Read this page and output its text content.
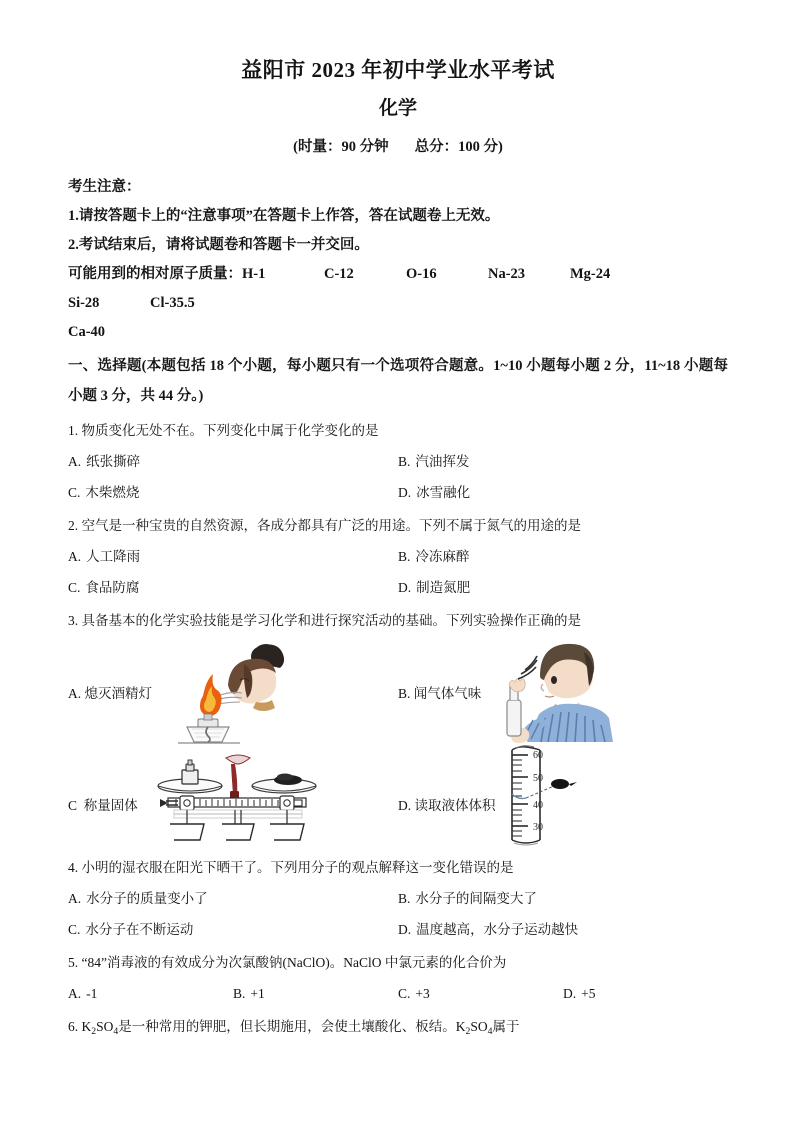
益阳市 2023 年初中学业水平考试
化学
(时量：90 分钟 总分：100 分)

考生注意：

1.请按答题卡上的“注意事项”在答题卡上作答，答在试题卷上无效。

2.考试结束后，请将试题卷和答题卡一并交回。

可能用到的相对原子质量：H-1	C-12	O-16	Na-23	Mg-24Si-28	Cl-35.5

Ca-40

一、选择题(本题包括 18 个小题，每小题只有一个选项符合题意。1~10 小题每小题 2 分，11~18 小题每小题 3 分，共 44 分。)

1. 物质变化无处不在。下列变化中属于化学变化的是

A. 纸张撕碎	B. 汽油挥发
C. 木柴燃烧	D. 冰雪融化

2. 空气是一种宝贵的自然资源，各成分都具有广泛的用途。下列不属于氮气的用途的是

A. 人工降雨	B. 冷冻麻醉
C. 食品防腐	D. 制造氮肥

3. 具备基本的化学实验技能是学习化学和进行探究活动的基础。下列实验操作正确的是

A. 熄灭酒精灯	B. 闻气体气味
C 称量固体	D. 读取液体体积
60
50
40
30

4. 小明的湿衣服在阳光下晒干了。下列用分子的观点解释这一变化错误的是

A. 水分子的质量变小了	B. 水分子的间隔变大了
C. 水分子在不断运动	D. 温度越高，水分子运动越快

5. “84”消毒液的有效成分为次氯酸钠(NaClO)。NaClO 中氯元素的化合价为

A. -1	B. +1	C. +3	D. +5

6. $K_2SO_4$是一种常用的钾肥，但长期施用，会使土壤酸化、板结。$K_2SO_4$属于
